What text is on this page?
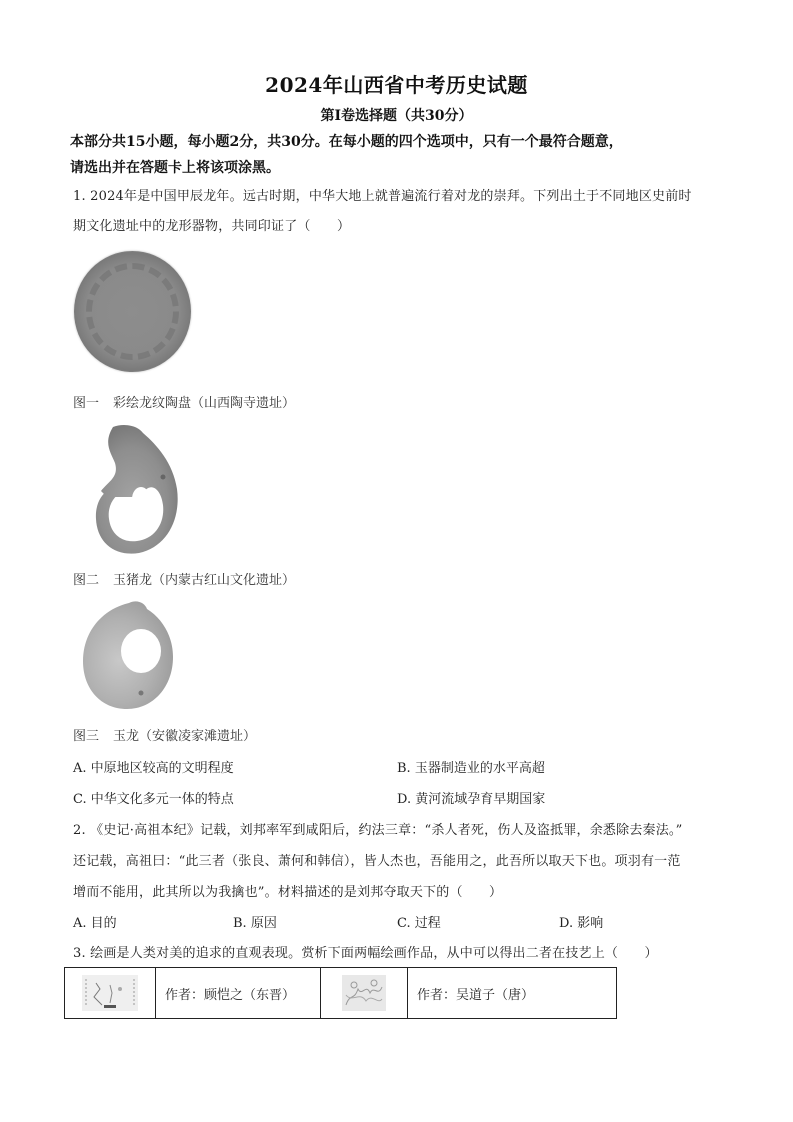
2024年山西省中考历史试题
第I卷选择题（共30分）
本部分共15小题，每小题2分，共30分。在每小题的四个选项中，只有一个最符合题意，
请选出并在答题卡上将该项涂黑。
1. 2024年是中国甲辰龙年。远古时期，中华大地上就普遍流行着对龙的崇拜。下列出土于不同地区史前时
期文化遗址中的龙形器物，共同印证了（　　）
图一 彩绘龙纹陶盘（山西陶寺遗址）
图二 玉猪龙（内蒙古红山文化遗址）
图三 玉龙（安徽凌家滩遗址）
A. 中原地区较高的文明程度	B. 玉器制造业的水平高超
C. 中华文化多元一体的特点	D. 黄河流域孕育早期国家
2. 《史记·高祖本纪》记载，刘邦率军到咸阳后，约法三章：“杀人者死，伤人及盗抵罪，余悉除去秦法。”
还记载，高祖曰：“此三者（张良、萧何和韩信），皆人杰也，吾能用之，此吾所以取天下也。项羽有一范
增而不能用，此其所以为我擒也”。材料描述的是刘邦夺取天下的（　　）
A. 目的	B. 原因	C. 过程	D. 影响
3. 绘画是人类对美的追求的直观表现。赏析下面两幅绘画作品，从中可以得出二者在技艺上（　　）
	作者：顾恺之（东晋）		作者：吴道子（唐）
